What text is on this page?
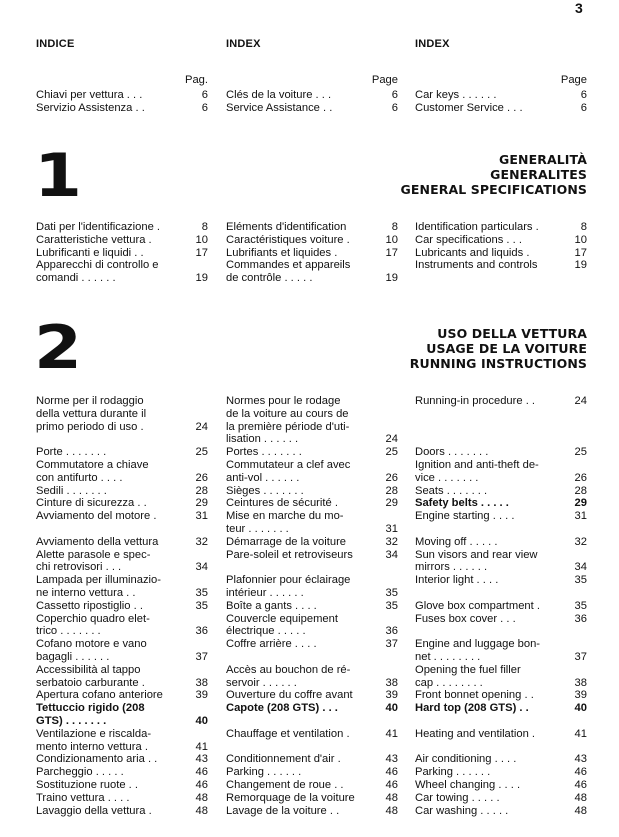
3
INDICE	INDEX	INDEX
Pag.	Page	Page
Chiavi per vettura . . .	6
Servizio Assistenza . .	6
Clés de la voiture . . .	6
Service Assistance . .	6
Car keys . . . . . .	6
Customer Service . . .	6
1	GENERALITÀ
GENERALITES
GENERAL SPECIFICATIONS
Dati per l'identificazione .	8
Caratteristiche vettura .	10
Lubrificanti e liquidi . .	17
Apparecchi di controllo e
comandi . . . . . .	19
Eléments d'identification	8
Caractéristiques voiture .	10
Lubrifiants et liquides .	17
Commandes et appareils
de contrôle . . . . .	19
Identification particulars .	8
Car specifications . . .	10
Lubricants and liquids .	17
Instruments and controls	19
2	USO DELLA VETTURA
USAGE DE LA VOITURE
RUNNING INSTRUCTIONS
Norme per il rodaggio
della vettura durante il
primo periodo di uso .	24

Porte . . . . . . .	25
Commutatore a chiave
con antifurto . . . .	26
Sedili . . . . . . .	28
Cinture di sicurezza . .	29
Avviamento del motore .	31

Avviamento della vettura	32
Alette parasole e spec-
chi retrovisori . . .	34
Lampada per illuminazio-
ne interno vettura . .	35
Cassetto ripostiglio . .	35
Coperchio quadro elet-
trico . . . . . . .	36
Cofano motore e vano
bagagli . . . . . .	37
Accessibilità al tappo
serbatoio carburante .	38
Apertura cofano anteriore	39
Tettuccio rigido (208
GTS) . . . . . . .	40
Ventilazione e riscalda-
mento interno vettura .	41
Condizionamento aria . .	43
Parcheggio . . . . .	46
Sostituzione ruote . .	46
Traino vettura . . . .	48
Lavaggio della vettura .	48
Normes pour le rodage
de la voiture au cours de
la première période d'uti-
lisation . . . . . .	24
Portes . . . . . . .	25
Commutateur a clef avec
anti-vol . . . . . .	26
Sièges . . . . . . .	28
Ceintures de sécurité .	29
Mise en marche du mo-
teur . . . . . . .	31
Démarrage de la voiture	32
Pare-soleil et retroviseurs	34

Plafonnier pour éclairage
intérieur . . . . . .	35
Boîte a gants . . . .	35
Couvercle equipement
électrique . . . . .	36
Coffre arrière . . . .	37

Accès au bouchon de ré-
servoir . . . . . .	38
Ouverture du coffre avant	39
Capote (208 GTS) . . .	40

Chauffage et ventilation .	41

Conditionnement d'air .	43
Parking . . . . . .	46
Changement de roue . .	46
Remorquage de la voiture	48
Lavage de la voiture . .	48
Running-in procedure . .	24

Doors . . . . . . .	25
Ignition and anti-theft de-
vice . . . . . . .	26
Seats . . . . . . .	28
Safety belts . . . . .	29
Engine starting . . . .	31

Moving off . . . . .	32
Sun visors and rear view
mirrors . . . . . .	34
Interior light . . . .	35

Glove box compartment .	35
Fuses box cover . . .	36

Engine and luggage bon-
net . . . . . . . .	37
Opening the fuel filler
cap . . . . . . . .	38
Front bonnet opening . .	39
Hard top (208 GTS) . .	40

Heating and ventilation .	41

Air conditioning . . . .	43
Parking . . . . . .	46
Wheel changing . . . .	46
Car towing . . . . .	48
Car washing . . . . .	48
